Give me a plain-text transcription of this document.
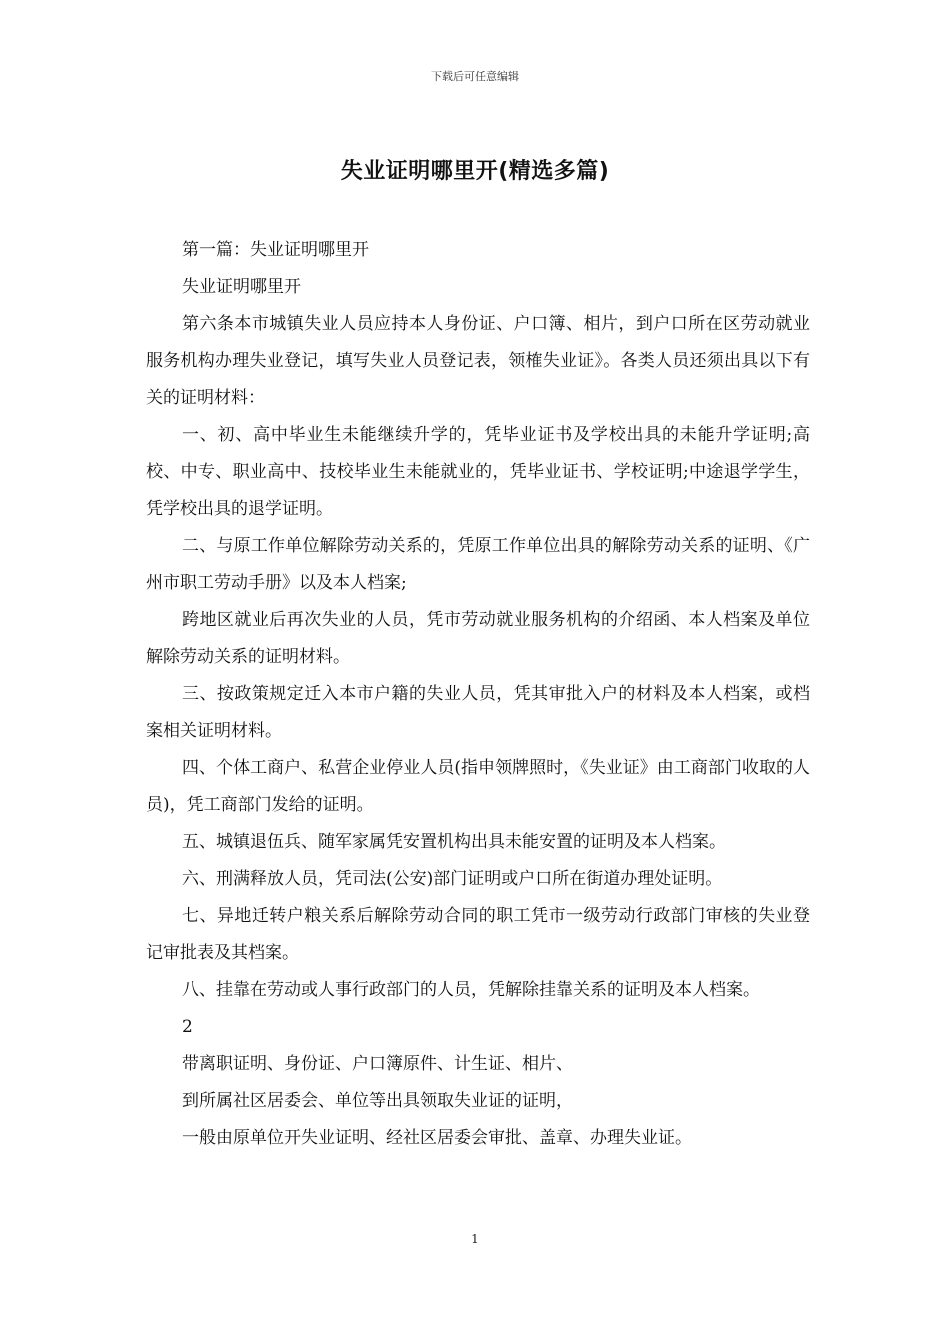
下载后可任意编辑
失业证明哪里开(精选多篇)

第一篇：失业证明哪里开

失业证明哪里开

第六条本市城镇失业人员应持本人身份证、户口簿、相片，到户口所在区劳动就业服务机构办理失业登记，填写失业人员登记表，领榷失业证》。各类人员还须出具以下有关的证明材料：

一、初、高中毕业生未能继续升学的，凭毕业证书及学校出具的未能升学证明;高校、中专、职业高中、技校毕业生未能就业的，凭毕业证书、学校证明;中途退学学生，凭学校出具的退学证明。

二、与原工作单位解除劳动关系的，凭原工作单位出具的解除劳动关系的证明、《广州市职工劳动手册》以及本人档案;

跨地区就业后再次失业的人员，凭市劳动就业服务机构的介绍函、本人档案及单位解除劳动关系的证明材料。

三、按政策规定迁入本市户籍的失业人员，凭其审批入户的材料及本人档案，或档案相关证明材料。

四、个体工商户、私营企业停业人员(指申领牌照时，《失业证》由工商部门收取的人员)，凭工商部门发给的证明。

五、城镇退伍兵、随军家属凭安置机构出具未能安置的证明及本人档案。

六、刑满释放人员，凭司法(公安)部门证明或户口所在街道办理处证明。

七、异地迁转户粮关系后解除劳动合同的职工凭市一级劳动行政部门审核的失业登记审批表及其档案。

八、挂靠在劳动或人事行政部门的人员，凭解除挂靠关系的证明及本人档案。

2

带离职证明、身份证、户口簿原件、计生证、相片、

到所属社区居委会、单位等出具领取失业证的证明，

一般由原单位开失业证明、经社区居委会审批、盖章、办理失业证。

1
